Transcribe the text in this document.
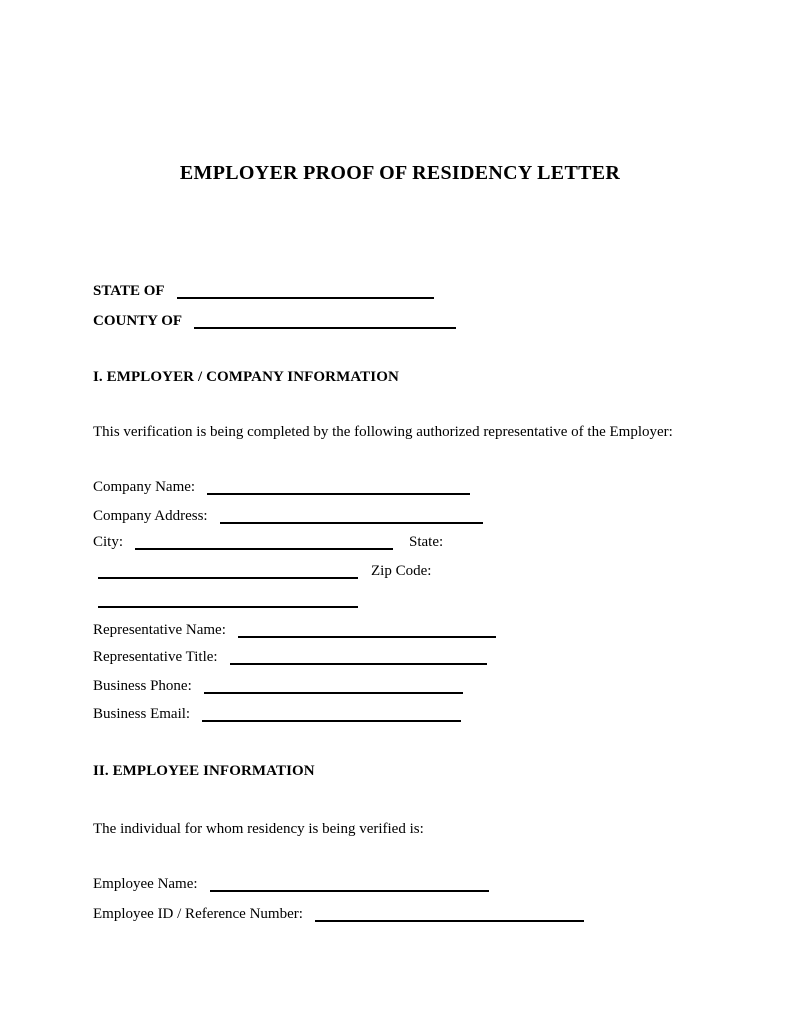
EMPLOYER PROOF OF RESIDENCY LETTER
STATE OF
COUNTY OF
I. EMPLOYER / COMPANY INFORMATION
This verification is being completed by the following authorized representative of the Employer:
Company Name:
Company Address:
City:	State:
Zip Code:
Representative Name:
Representative Title:
Business Phone:
Business Email:
II. EMPLOYEE INFORMATION
The individual for whom residency is being verified is:
Employee Name:
Employee ID / Reference Number:
